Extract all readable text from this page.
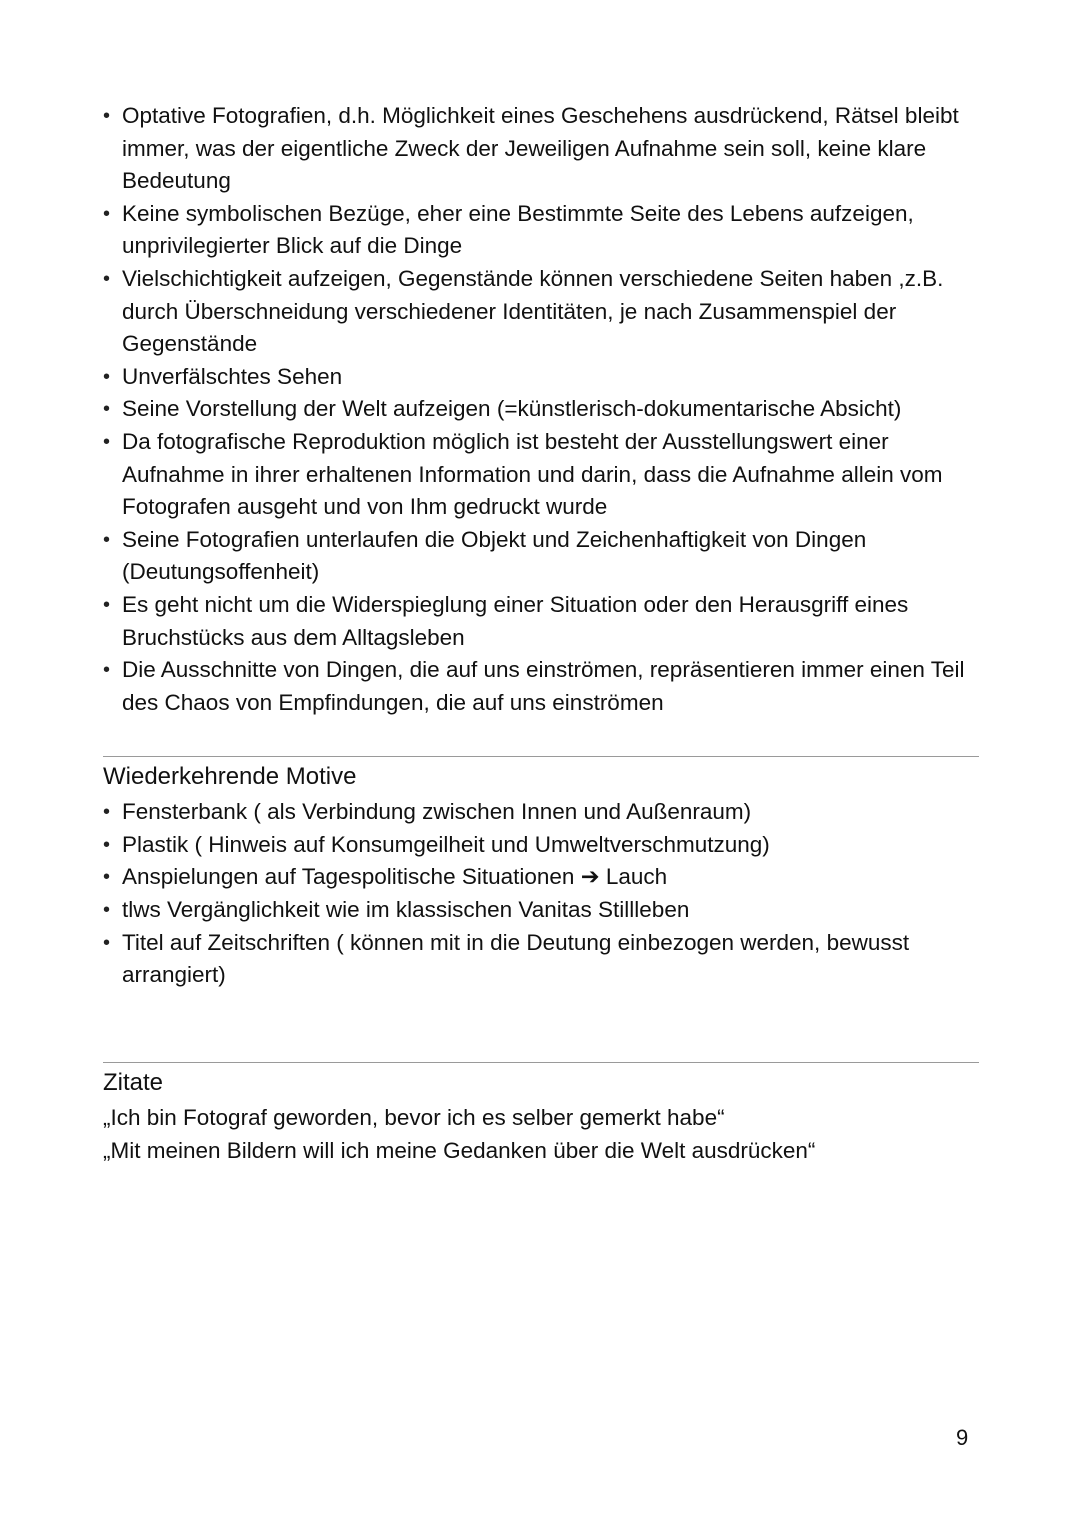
• Optative Fotografien, d.h. Möglichkeit eines Geschehens ausdrückend, Rätsel bleibt immer, was der eigentliche Zweck der Jeweiligen Aufnahme sein soll, keine klare Bedeutung
• Keine symbolischen Bezüge, eher eine Bestimmte Seite des Lebens aufzeigen, unprivilegierter Blick auf die Dinge
• Vielschichtigkeit aufzeigen, Gegenstände können verschiedene Seiten haben ,z.B. durch Überschneidung verschiedener Identitäten, je nach Zusammenspiel der Gegenstände
• Unverfälschtes Sehen
• Seine Vorstellung der Welt aufzeigen (=künstlerisch-dokumentarische Absicht)
• Da fotografische Reproduktion möglich ist besteht der Ausstellungswert einer Aufnahme in ihrer erhaltenen Information und darin, dass die Aufnahme allein vom Fotografen ausgeht und von Ihm gedruckt wurde
• Seine Fotografien unterlaufen die Objekt und Zeichenhaftigkeit von Dingen (Deutungsoffenheit)
• Es geht nicht um die Widerspieglung einer Situation oder den Herausgriff eines Bruchstücks aus dem Alltagsleben
• Die Ausschnitte von Dingen, die auf uns einströmen, repräsentieren immer einen Teil des Chaos von Empfindungen, die auf uns einströmen
Wiederkehrende Motive
• Fensterbank ( als Verbindung zwischen Innen und Außenraum)
• Plastik ( Hinweis auf Konsumgeilheit und Umweltverschmutzung)
• Anspielungen auf Tagespolitische Situationen ➔ Lauch
• tlws Vergänglichkeit wie im klassischen Vanitas Stillleben
• Titel auf Zeitschriften ( können mit in die Deutung einbezogen werden, bewusst arrangiert)
Zitate

„Ich bin Fotograf geworden, bevor ich es selber gemerkt habe“

„Mit meinen Bildern will ich meine Gedanken über die Welt ausdrücken“

9
